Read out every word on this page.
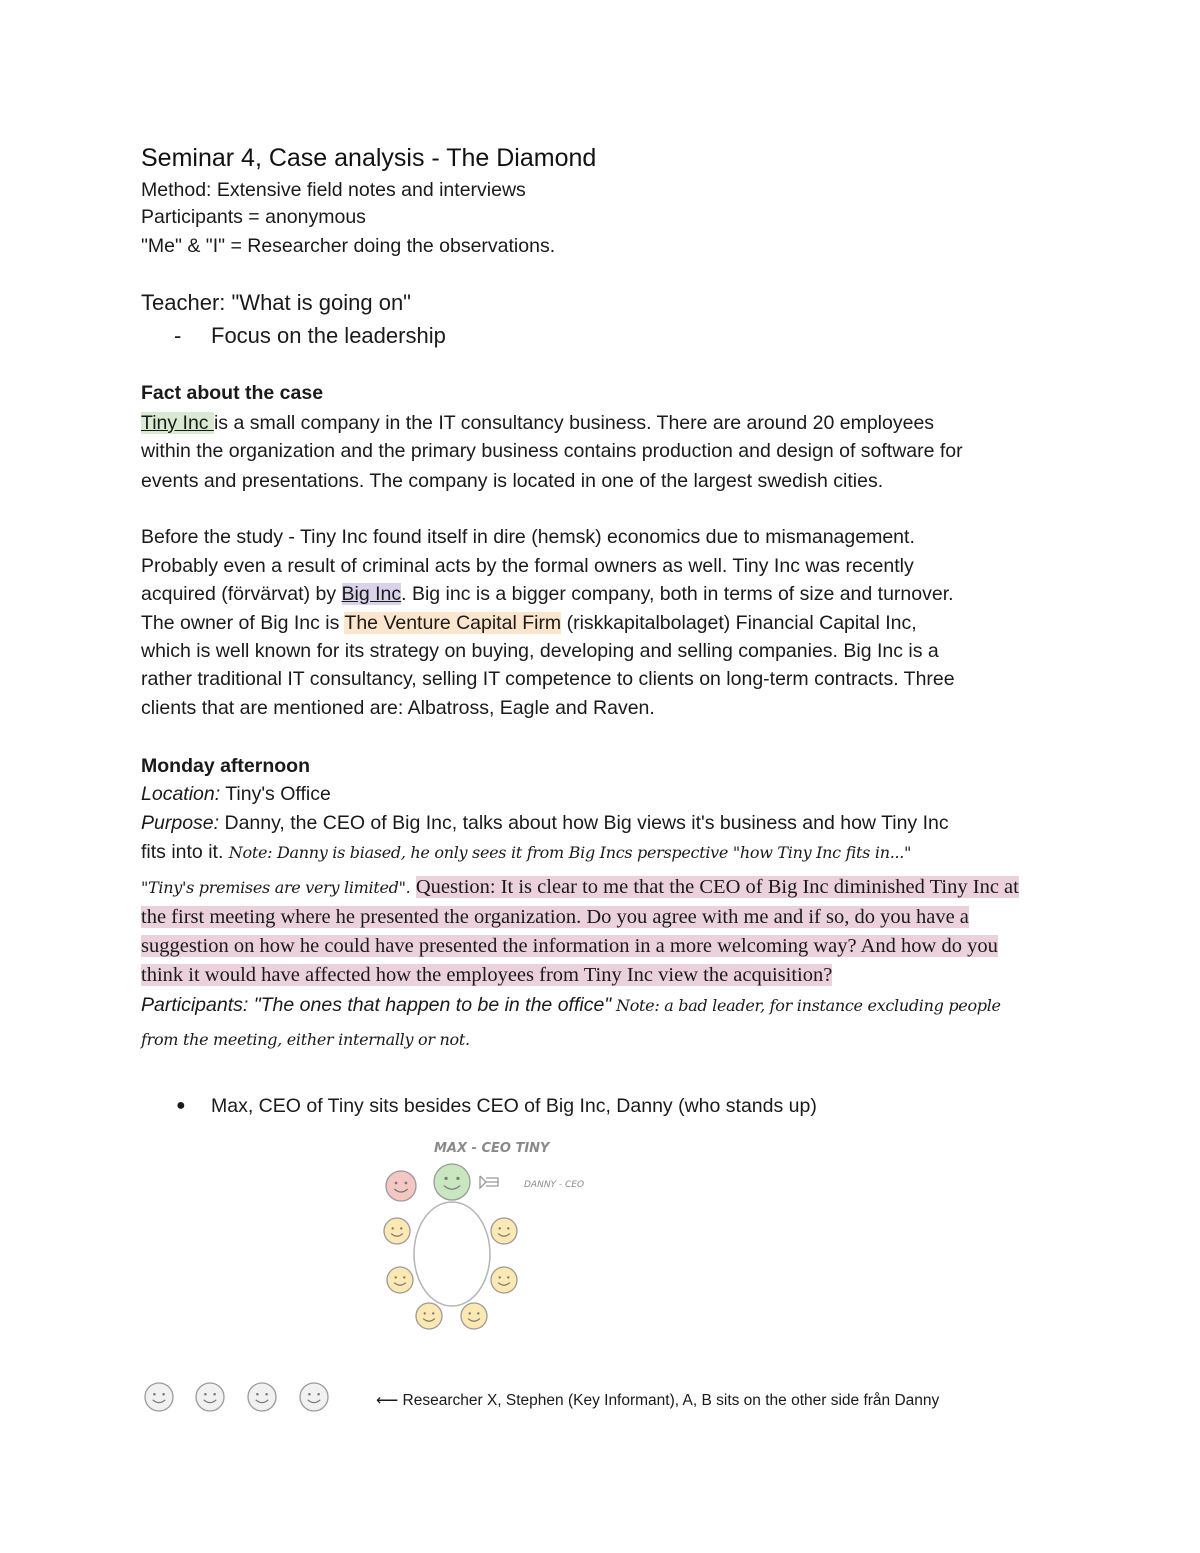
Seminar 4, Case analysis - The Diamond
Method: Extensive field notes and interviews
Participants = anonymous
"Me" & "I" = Researcher doing the observations.
Teacher: "What is going on"
- Focus on the leadership
Fact about the case
Tiny Inc is a small company in the IT consultancy business. There are around 20 employees
within the organization and the primary business contains production and design of software for
events and presentations. The company is located in one of the largest swedish cities.
Before the study - Tiny Inc found itself in dire (hemsk) economics due to mismanagement.
Probably even a result of criminal acts by the formal owners as well. Tiny Inc was recently
acquired (förvärvat) by Big Inc. Big inc is a bigger company, both in terms of size and turnover.
The owner of Big Inc is The Venture Capital Firm (riskkapitalbolaget) Financial Capital Inc,
which is well known for its strategy on buying, developing and selling companies. Big Inc is a
rather traditional IT consultancy, selling IT competence to clients on long-term contracts. Three
clients that are mentioned are: Albatross, Eagle and Raven.
Monday afternoon
Location: Tiny's Office
Purpose: Danny, the CEO of Big Inc, talks about how Big views it's business and how Tiny Inc
fits into it. Note: Danny is biased, he only sees it from Big Incs perspective "how Tiny Inc fits in..."
"Tiny's premises are very limited". Question: It is clear to me that the CEO of Big Inc diminished Tiny Inc at
the first meeting where he presented the organization. Do you agree with me and if so, do you have a
suggestion on how he could have presented the information in a more welcoming way? And how do you
think it would have affected how the employees from Tiny Inc view the acquisition?
Participants: "The ones that happen to be in the office" Note: a bad leader, for instance excluding people
from the meeting, either internally or not.
● Max, CEO of Tiny sits besides CEO of Big Inc, Danny (who stands up)
MAX - CEO TINY
DANNY - CEO
⟵ Researcher X, Stephen (Key Informant), A, B sits on the other side från Danny
